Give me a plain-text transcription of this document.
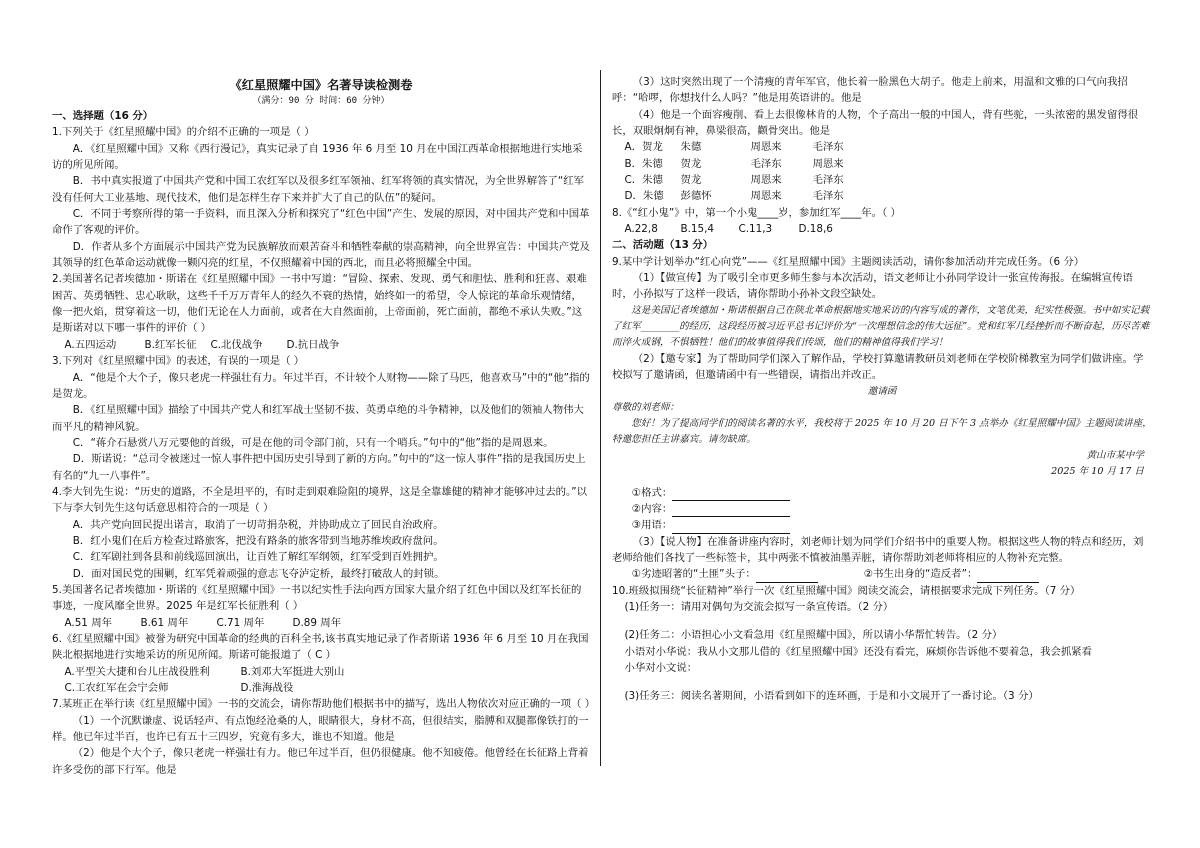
《红星照耀中国》名著导读检测卷

（满分：90 分 时间：60 分钟）

一、选择题（16 分）

1.下列关于《红星照耀中国》的介绍不正确的一项是（ ）

A．《红星照耀中国》又称《西行漫记》，真实记录了自 1936 年 6 月至 10 月在中国江西革命根据地进行实地采访的所见所闻。

B．书中真实报道了中国共产党和中国工农红军以及很多红军领袖、红军将领的真实情况，为全世界解答了“红军没有任何大工业基地、现代技术，他们是怎样生存下来并扩大了自己的队伍”的疑问。

C．不同于考察所得的第一手资料，而且深入分析和探究了“红色中国”产生、发展的原因，对中国共产党和中国革命作了客观的评价。

D．作者从多个方面展示中国共产党为民族解放而艰苦奋斗和牺牲奉献的崇高精神，向全世界宣告：中国共产党及其领导的红色革命运动就像一颗闪亮的红星，不仅照耀着中国的西北，而且必将照耀全中国。

2.美国著名记者埃德加・斯诺在《红星照耀中国》一书中写道：“冒险、探索、发现、勇气和胆怯、胜利和狂喜、艰难困苦、英勇牺牲、忠心耿耿，这些千千万万青年人的经久不衰的热情，始终如一的希望，令人惊诧的革命乐观情绪，像一把火焰，贯穿着这一切，他们无论在人力面前，或者在大自然面前，上帝面前，死亡面前，都绝不承认失败。”这是斯诺对以下哪一事件的评价（ ）

A.五四运动	B.红军长征	C.北伐战争	D.抗日战争

3.下列对《红星照耀中国》的表述，有误的一项是（ ）

A．“他是个大个子，像只老虎一样强壮有力。年过半百，不计较个人财物——除了马匹，他喜欢马”中的“他”指的是贺龙。

B．《红星照耀中国》描绘了中国共产党人和红军战士坚韧不拔、英勇卓绝的斗争精神，以及他们的领袖人物伟大而平凡的精神风貌。

C．“蒋介石悬赏八万元要他的首级，可是在他的司令部门前，只有一个哨兵。”句中的“他”指的是周恩来。

D．斯诺说：“总司令被迷过一惊人事件把中国历史引导到了新的方向。”句中的“这一惊人事件”指的是我国历史上有名的“九一八事件”。

4.李大钊先生说：“历史的道路，不全是坦平的，有时走到艰难险阻的境界，这是全靠雄健的精神才能够冲过去的。”以下与李大钊先生这句话意思相符合的一项是（ ）

A．共产党向回民提出诺言，取消了一切苛捐杂税，并协助成立了回民自治政府。

B．红小鬼们在后方检查过路旅客，把没有路条的旅客带到当地苏维埃政府盘问。

C．红军剧社到各县和前线巡回演出，让百姓了解红军纲领，红军受到百姓拥护。

D．面对国民党的围剿，红军凭着顽强的意志飞夺泸定桥，最终打破敌人的封锁。

5.美国著名记者埃德加・斯诺的《红星照耀中国》一书以纪实性手法向西方国家大量介绍了红色中国以及红军长征的事迹，一度风靡全世界。2025 年是红军长征胜利（ ）

A.51 周年	B.61 周年	C.71 周年	D.89 周年

6.《红星照耀中国》被誉为研究中国革命的经典的百科全书,该书真实地记录了作者斯诺 1936 年 6 月至 10 月在我国陕北根据地进行实地采访的所见所闻。斯诺可能报道了（ C ）

A.平型关大捷和台儿庄战役胜利	B.刘邓大军挺进大别山
C.工农红军在会宁会师	D.淮海战役

7.某班正在举行读《红星照耀中国》一书的交流会，请你帮助他们根据书中的描写，选出人物依次对应正确的一项（ ）

（1）一个沉默谦虚、说话轻声、有点饱经沧桑的人，眼睛很大，身材不高，但很结实，脂膊和双腿都像铁打的一样。他已年过半百，也许已有五十三四岁，究竟有多大，谁也不知道。他是

（2）他是个大个子，像只老虎一样强壮有力。他已年过半百，但仍很健康。他不知疲倦。他曾经在长征路上背着许多受伤的部下行军。他是

（3）这时突然出现了一个清瘦的青年军官，他长着一脸黑色大胡子。他走上前来，用温和文雅的口气向我招呼：“哈啰，你想找什么人吗？”他是用英语讲的。他是

（4）他是一个面容瘦削、看上去很像林肯的人物，个子高出一般的中国人，背有些驼，一头浓密的黑发留得很长，双眼炯炯有神，鼻梁很高，颧骨突出。他是

A．贺龙	朱德	周恩来	毛泽东
B．朱德	贺龙	毛泽东	周恩来
C．朱德	贺龙	周恩来	毛泽东
D．朱德	彭德怀	周恩来	毛泽东

8.《“红小鬼”》中，第一个小鬼____岁，参加红军____年。（ ）

A.22,8	B.15,4	C.11,3	D.18,6

二、活动题（13 分）

9.某中学计划举办“红心向党”——《红星照耀中国》主题阅读活动，请你参加活动并完成任务。（6 分）

（1）【做宣传】为了吸引全市更多师生参与本次活动，语文老师让小孙同学设计一张宣传海报。在编辑宣传语时，小孙拟写了这样一段话，请你帮助小孙补文段空缺处。

这是美国记者埃德加・斯诺根据自己在陕北革命根据地实地采访的内容写成的著作，文笔优美，纪实性极强。书中如实记载了红军________的经历，这段经历被习近平总书记评价为“一次理想信念的伟大远征”。党和红军几经挫折而不断奋起，历尽苦难而淬火成钢，不惧牺牲！他们的故事值得我们传颂，他们的精神值得我们学习！

（2）【邀专家】为了帮助同学们深入了解作品，学校打算邀请教研员刘老师在学校阶梯教室为同学们做讲座。学校拟写了邀请函，但邀请函中有一些错误，请指出并改正。

邀请函

尊敬的刘老师：

您好！为了提高同学们的阅读名著的水平，我校将于 2025 年 10 月 20 日下午 3 点举办《红星照耀中国》主题阅读讲座，特邀您担任主讲嘉宾。请勿缺席。

黄山市某中学

2025 年 10 月 17 日

①格式：
②内容：
③用语：

（3）【说人物】在准备讲座内容时，刘老师计划为同学们介绍书中的重要人物。根据这些人物的特点和经历，刘老师给他们各找了一些标签卡，其中两张不慎被油墨弄脏，请你帮助刘老师将相应的人物补充完整。

①劣迹昭著的“土匪”头子：	②书生出身的“造反者”：

10.班级拟围绕“长征精神”举行一次《红星照耀中国》阅读交流会，请根据要求完成下列任务。（7 分）

(1)任务一：请用对偶句为交流会拟写一条宣传语。（2 分）

(2)任务二：小语担心小文看急用《红星照耀中国》，所以请小华帮忙转告。（2 分）

小语对小华说：我从小文那儿借的《红星照耀中国》还没有看完，麻烦你告诉他不要着急，我会抓紧看

小华对小文说：

(3)任务三：阅读名著期间，小语看到如下的连环画，于是和小文展开了一番讨论。（3 分）
